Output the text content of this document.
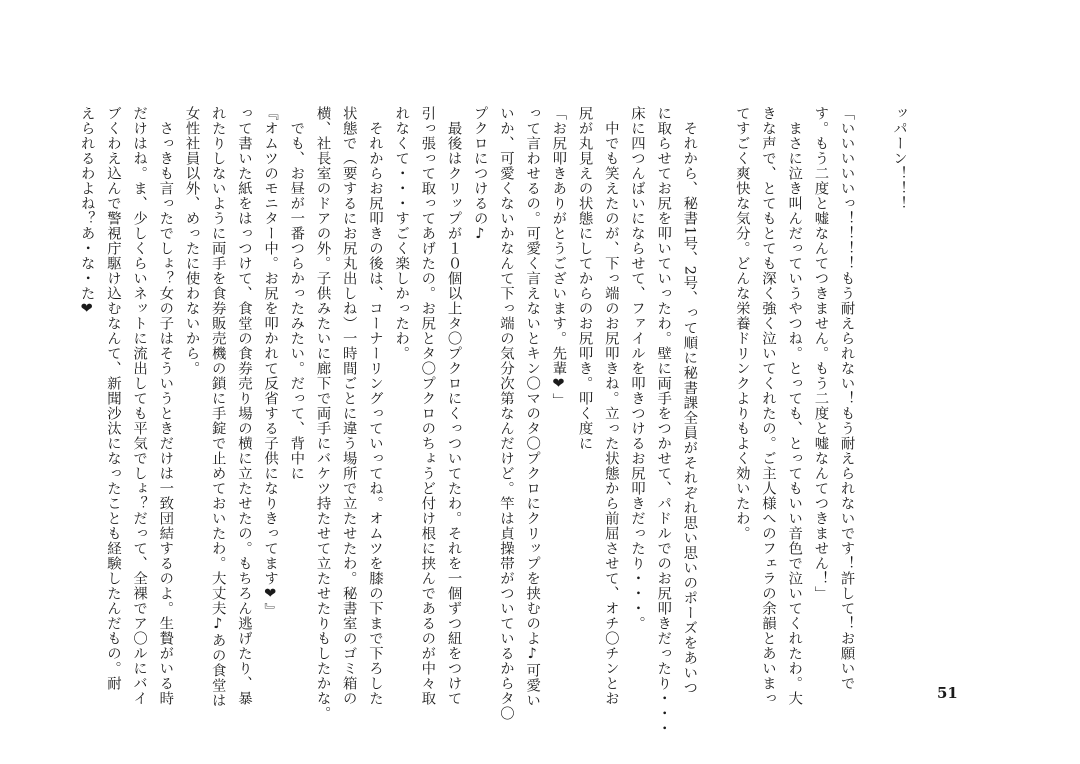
ッパーン！！！

「いいいいいっ！！！！もう耐えられない！もう耐えられないです！許して！お願いで
す。もう二度と嘘なんてつきません。もう二度と嘘なんてつきません！」
　まさに泣き叫んだっていうやつね。とっても、とってもいい音色で泣いてくれたわ。大
きな声で、とてもとても深く強く泣いてくれたの。ご主人様へのフェラの余韻とあいまっ
てすごく爽快な気分。どんな栄養ドリンクよりもよく効いたわ。

　それから、秘書1号、2号、って順に秘書課全員がそれぞれ思い思いのポーズをあいつ
に取らせてお尻を叩いていったわ。壁に両手をつかせて、パドルでのお尻叩きだったり・・・
床に四つんばいにならせて、ファイルを叩きつけるお尻叩きだったり・・・。
　中でも笑えたのが、下っ端のお尻叩きね。立った状態から前屈させて、オチ〇チンとお
尻が丸見えの状態にしてからのお尻叩き。叩く度に
「お尻叩きありがとうございます。先輩❤」
って言わせるの。可愛く言えないとキン〇マのタ〇プクロにクリップを挟むのよ♪可愛い
いか、可愛くないかなんて下っ端の気分次第なんだけど。竿は貞操帯がついているからタ〇
プクロにつけるの♪
　最後はクリップが１０個以上タ〇プクロにくっついてたわ。それを一個ずつ紐をつけて
引っ張って取ってあげたの。お尻とタ〇プクロのちょうど付け根に挟んであるのが中々取
れなくて・・・すごく楽しかったわ。
　それからお尻叩きの後は、コーナーリングっていってね。オムツを膝の下まで下ろした
状態で（要するにお尻丸出しね）一時間ごとに違う場所で立たせたわ。秘書室のゴミ箱の
横、社長室のドアの外。子供みたいに廊下で両手にバケツ持たせて立たせたりもしたかな。
　でも、お昼が一番つらかったみたい。だって、背中に
『オムツのモニター中。お尻を叩かれて反省する子供になりきってます❤』
って書いた紙をはっつけて、食堂の食券売り場の横に立たせたの。もちろん逃げたり、暴
れたりしないように両手を食券販売機の鎖に手錠で止めておいたわ。大丈夫♪あの食堂は
女性社員以外、めったに使わないから。
　さっきも言ったでしょ？女の子はそういうときだけは一致団結するのよ。生贄がいる時
だけはね。ま、少しくらいネットに流出しても平気でしょ？だって、全裸でア〇ルにバイ
ブくわえ込んで警視庁駆け込むなんて、新聞沙汰になったことも経験したんだもの。耐
えられるわよね？あ・な・た❤
51
